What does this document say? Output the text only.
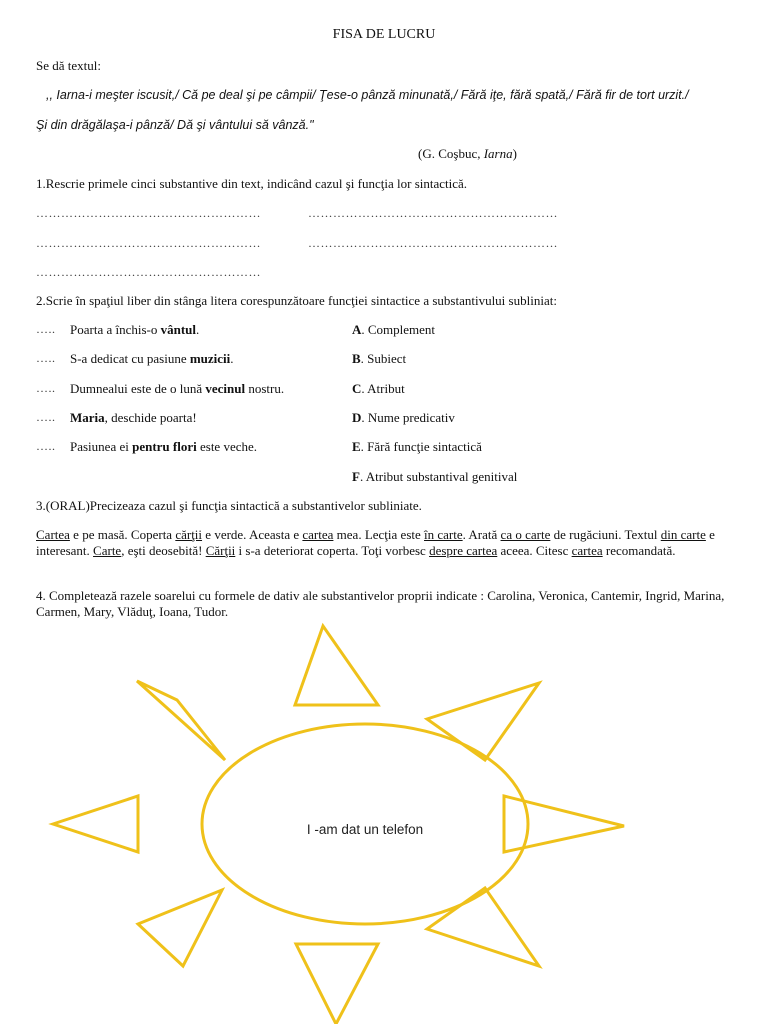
FISA DE LUCRU
Se dă textul:
,, Iarna-i meşter iscusit,/ Că pe deal şi pe câmpii/ Ţese-o pânză minunată,/ Fără iţe, fără spată,/ Fără fir de tort urzit./
Şi din drăgălaşa-i pânză/ Dă şi vântului să vânză."
(G. Coşbuc, Iarna)
1.Rescrie primele cinci substantive din text, indicând cazul şi funcţia lor sintactică.
………………………………………………	……………………………………………………
………………………………………………	……………………………………………………
………………………………………………
2.Scrie în spaţiul liber din stânga litera corespunzătoare funcţiei sintactice a substantivului subliniat:
….. Poarta a închis-o vântul.
….. S-a dedicat cu pasiune muzicii.
….. Dumnealui este de o lună vecinul nostru.
….. Maria, deschide poarta!
….. Pasiunea ei pentru flori este veche.
A. Complement
B. Subiect
C. Atribut
D. Nume predicativ
E. Fără funcţie sintactică
F. Atribut substantival genitival
3.(ORAL)Precizeaza cazul şi funcţia sintactică a substantivelor subliniate.
Cartea e pe masă. Coperta cărţii e verde. Aceasta e cartea mea. Lecţia este în carte. Arată ca o carte de rugăciuni. Textul din carte e interesant. Carte, eşti deosebită! Cărţii i s-a deteriorat coperta. Toţi vorbesc despre cartea aceea. Citesc cartea recomandată.
4. Completează razele soarelui cu formele de dativ ale substantivelor proprii indicate : Carolina, Veronica, Cantemir, Ingrid, Marina, Carmen, Mary, Vlăduţ, Ioana, Tudor.
I -am dat un telefon
